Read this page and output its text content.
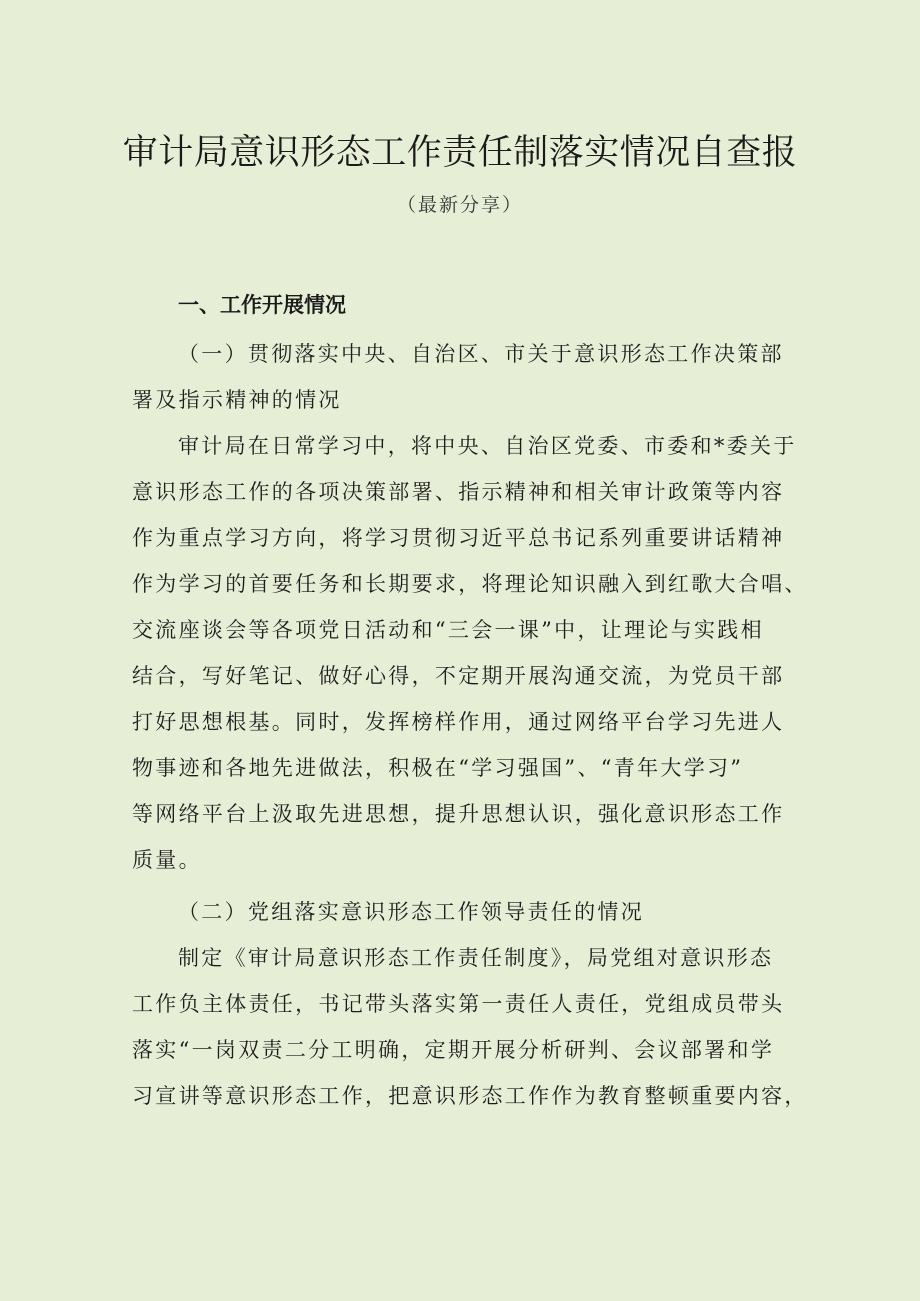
审计局意识形态工作责任制落实情况自查报
（最新分享）
一、工作开展情况
（一）贯彻落实中央、自治区、市关于意识形态工作决策部
署及指示精神的情况
审计局在日常学习中，将中央、自治区党委、市委和*委关于
意识形态工作的各项决策部署、指示精神和相关审计政策等内容
作为重点学习方向，将学习贯彻习近平总书记系列重要讲话精神
作为学习的首要任务和长期要求，将理论知识融入到红歌大合唱、
交流座谈会等各项党日活动和“三会一课”中，让理论与实践相
结合，写好笔记、做好心得，不定期开展沟通交流，为党员干部
打好思想根基。同时，发挥榜样作用，通过网络平台学习先进人
物事迹和各地先进做法，积极在“学习强国”、“青年大学习”
等网络平台上汲取先进思想，提升思想认识，强化意识形态工作
质量。
（二）党组落实意识形态工作领导责任的情况
制定《审计局意识形态工作责任制度》，局党组对意识形态
工作负主体责任，书记带头落实第一责任人责任，党组成员带头
落实“一岗双责二分工明确，定期开展分析研判、会议部署和学
习宣讲等意识形态工作，把意识形态工作作为教育整顿重要内容，
